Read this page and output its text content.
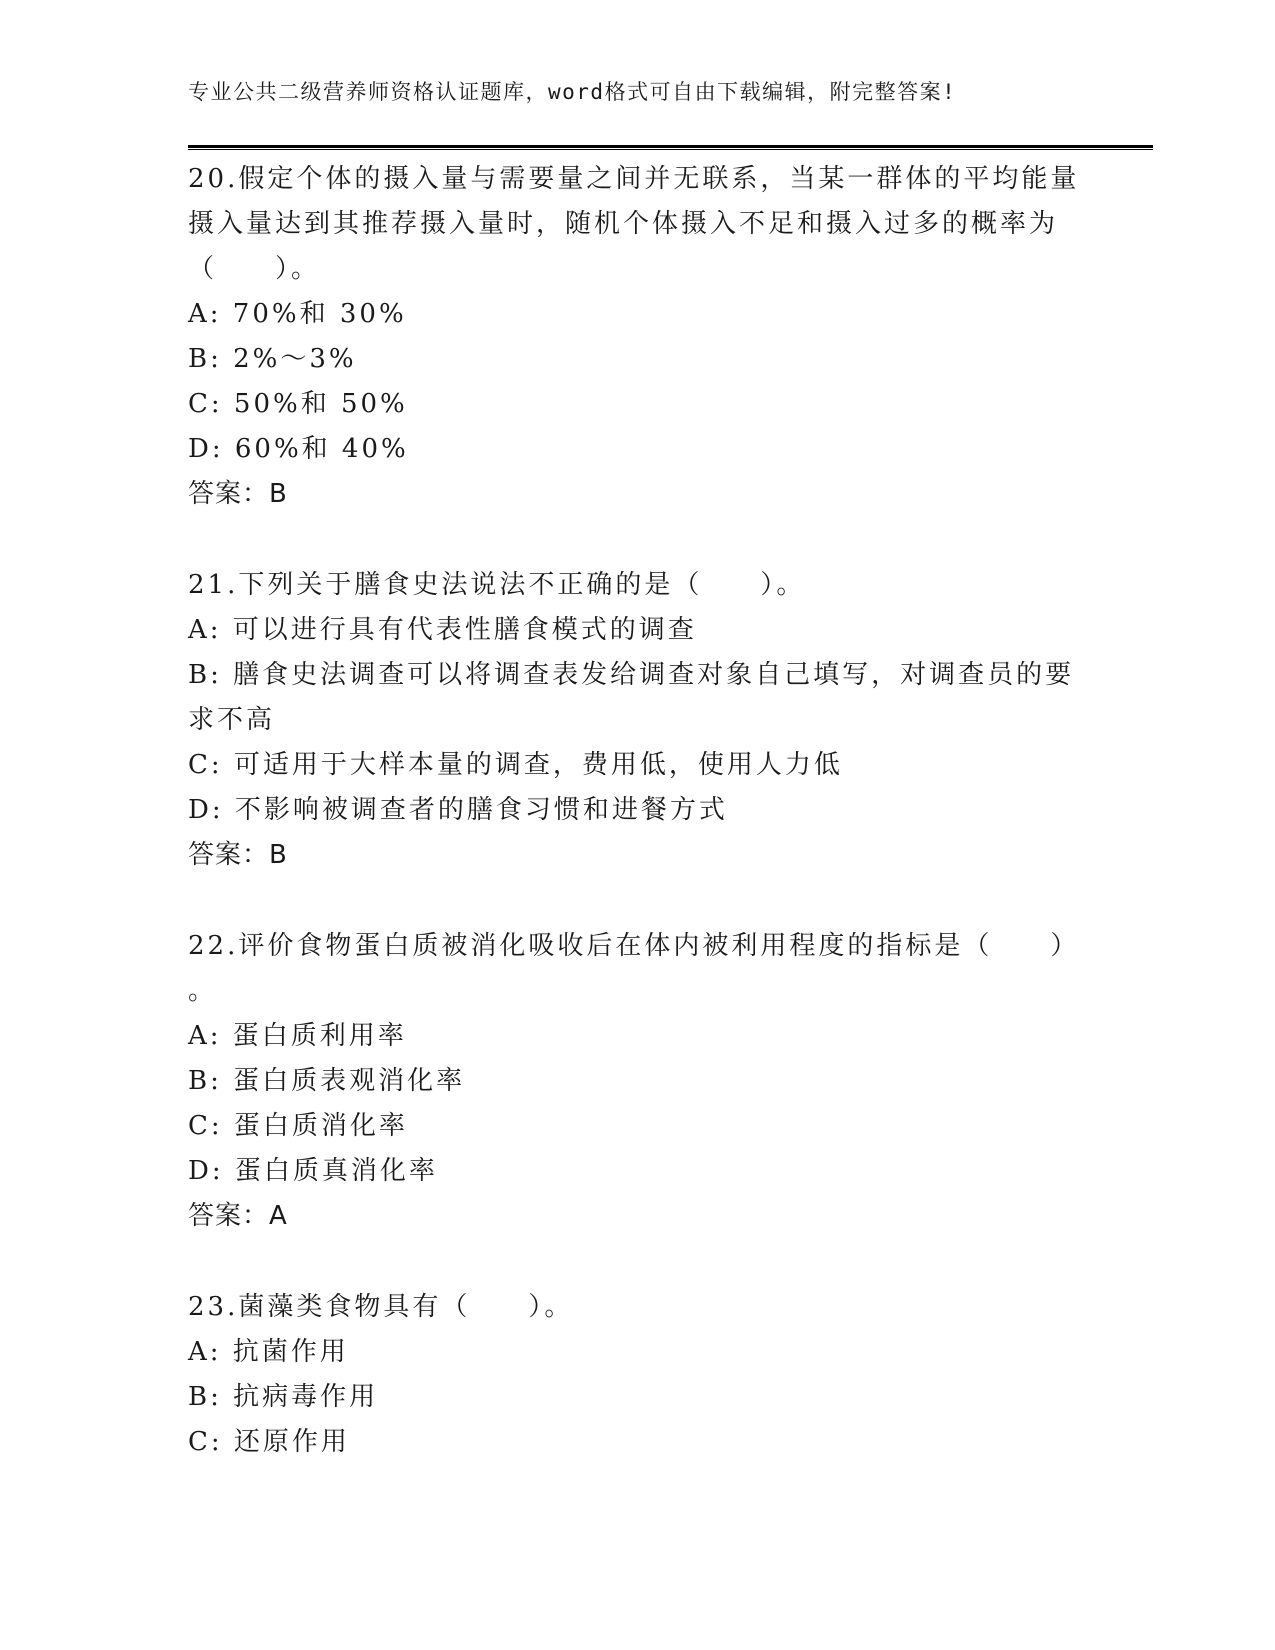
专业公共二级营养师资格认证题库，word格式可自由下载编辑，附完整答案!
20.假定个体的摄入量与需要量之间并无联系，当某一群体的平均能量
摄入量达到其推荐摄入量时，随机个体摄入不足和摄入过多的概率为
（　　）。
A: 70%和 30%
B: 2%～3%
C: 50%和 50%
D: 60%和 40%
答案：B
21.下列关于膳食史法说法不正确的是（　　）。
A: 可以进行具有代表性膳食模式的调查
B: 膳食史法调查可以将调查表发给调查对象自己填写，对调查员的要
求不高
C: 可适用于大样本量的调查，费用低，使用人力低
D: 不影响被调查者的膳食习惯和进餐方式
答案：B
22.评价食物蛋白质被消化吸收后在体内被利用程度的指标是（　　）
。
A: 蛋白质利用率
B: 蛋白质表观消化率
C: 蛋白质消化率
D: 蛋白质真消化率
答案：A
23.菌藻类食物具有（　　）。
A: 抗菌作用
B: 抗病毒作用
C: 还原作用
